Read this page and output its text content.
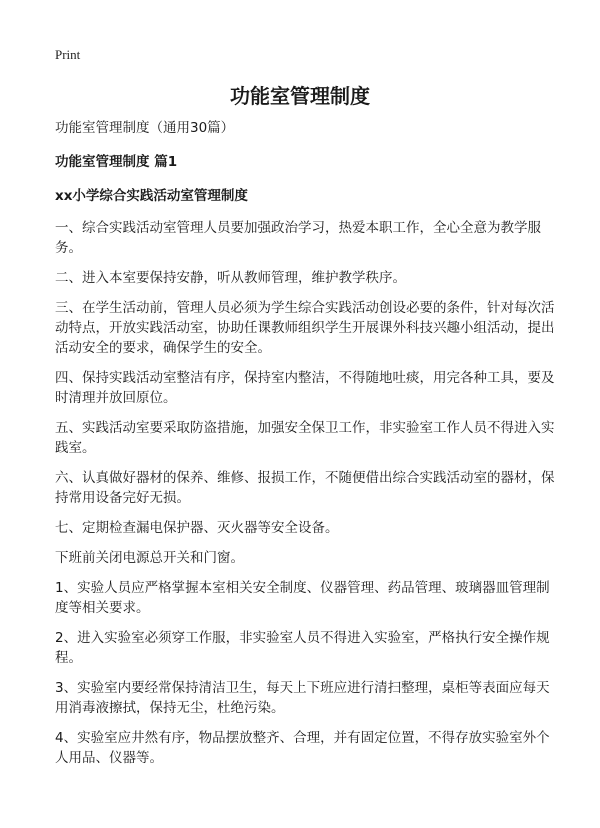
Print
功能室管理制度

功能室管理制度（通用30篇）

功能室管理制度 篇1

xx小学综合实践活动室管理制度

一、综合实践活动室管理人员要加强政治学习，热爱本职工作，全心全意为教学服务。

二、进入本室要保持安静，听从教师管理，维护教学秩序。

三、在学生活动前，管理人员必须为学生综合实践活动创设必要的条件，针对每次活动特点，开放实践活动室，协助任课教师组织学生开展课外科技兴趣小组活动，提出活动安全的要求，确保学生的安全。

四、保持实践活动室整洁有序，保持室内整洁，不得随地吐痰，用完各种工具，要及时清理并放回原位。

五、实践活动室要采取防盗措施，加强安全保卫工作，非实验室工作人员不得进入实践室。

六、认真做好器材的保养、维修、报损工作，不随便借出综合实践活动室的器材，保持常用设备完好无损。

七、定期检查漏电保护器、灭火器等安全设备。

下班前关闭电源总开关和门窗。

1、实验人员应严格掌握本室相关安全制度、仪器管理、药品管理、玻璃器皿管理制度等相关要求。

2、进入实验室必须穿工作服，非实验室人员不得进入实验室，严格执行安全操作规程。

3、实验室内要经常保持清洁卫生，每天上下班应进行清扫整理，桌柜等表面应每天用消毒液擦拭，保持无尘，杜绝污染。

4、实验室应井然有序，物品摆放整齐、合理，并有固定位置，不得存放实验室外个人用品、仪器等。
